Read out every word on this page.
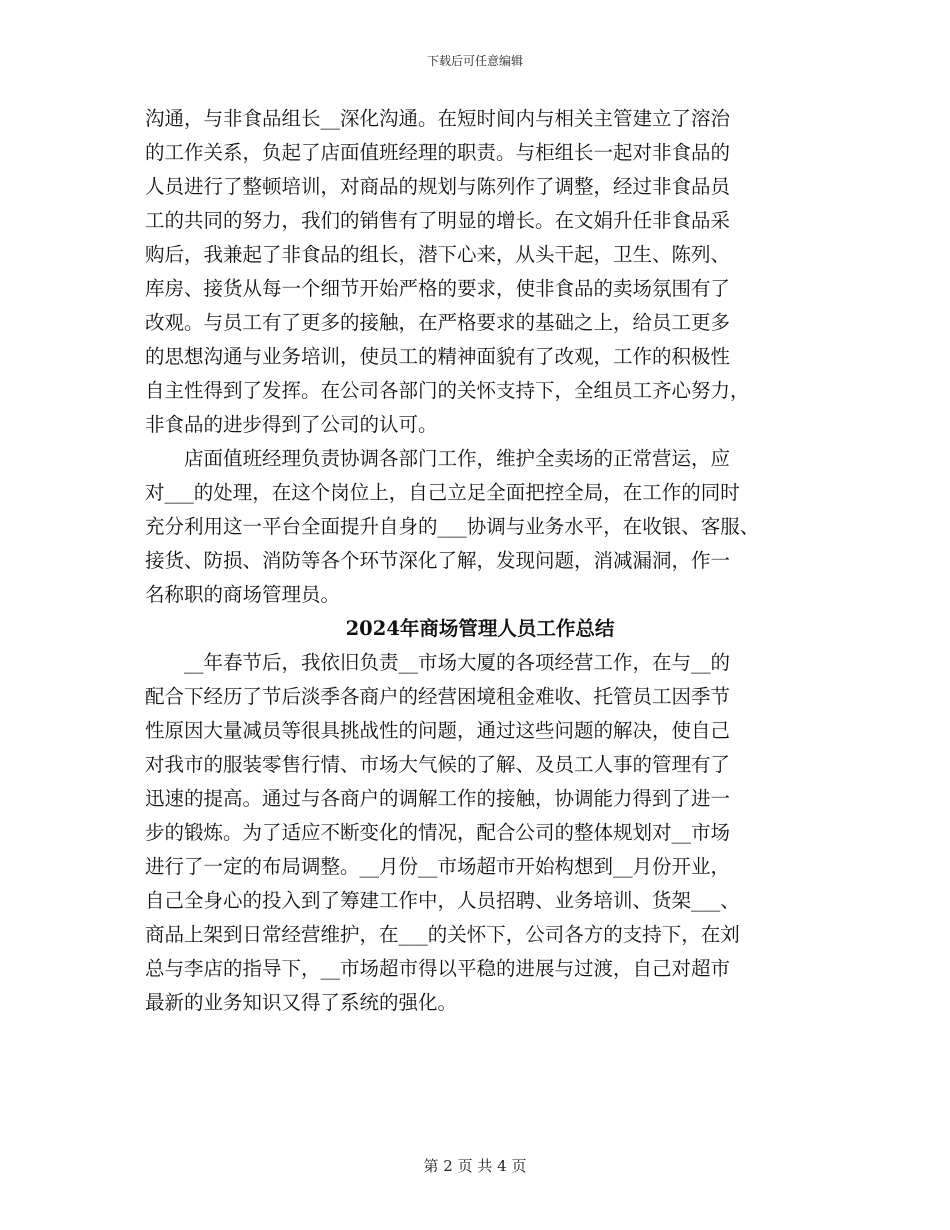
下载后可任意编辑
沟通，与非食品组长__深化沟通。在短时间内与相关主管建立了溶治
的工作关系，负起了店面值班经理的职责。与柜组长一起对非食品的
人员进行了整顿培训，对商品的规划与陈列作了调整，经过非食品员
工的共同的努力，我们的销售有了明显的增长。在文娟升任非食品采
购后，我兼起了非食品的组长，潜下心来，从头干起，卫生、陈列、
库房、接货从每一个细节开始严格的要求，使非食品的卖场氛围有了
改观。与员工有了更多的接触，在严格要求的基础之上，给员工更多
的思想沟通与业务培训，使员工的精神面貌有了改观，工作的积极性
自主性得到了发挥。在公司各部门的关怀支持下，全组员工齐心努力，
非食品的进步得到了公司的认可。
　　店面值班经理负责协调各部门工作，维护全卖场的正常营运，应
对___的处理，在这个岗位上，自己立足全面把控全局，在工作的同时
充分利用这一平台全面提升自身的___协调与业务水平，在收银、客服、
接货、防损、消防等各个环节深化了解，发现问题，消减漏洞，作一
名称职的商场管理员。
2024年商场管理人员工作总结
　　__年春节后，我依旧负责__市场大厦的各项经营工作，在与__的
配合下经历了节后淡季各商户的经营困境租金难收、托管员工因季节
性原因大量减员等很具挑战性的问题，通过这些问题的解决，使自己
对我市的服装零售行情、市场大气候的了解、及员工人事的管理有了
迅速的提高。通过与各商户的调解工作的接触，协调能力得到了进一
步的锻炼。为了适应不断变化的情况，配合公司的整体规划对__市场
进行了一定的布局调整。__月份__市场超市开始构想到__月份开业，
自己全身心的投入到了筹建工作中，人员招聘、业务培训、货架___、
商品上架到日常经营维护，在___的关怀下，公司各方的支持下，在刘
总与李店的指导下，__市场超市得以平稳的进展与过渡，自己对超市
最新的业务知识又得了系统的强化。
第 2 页 共 4 页
